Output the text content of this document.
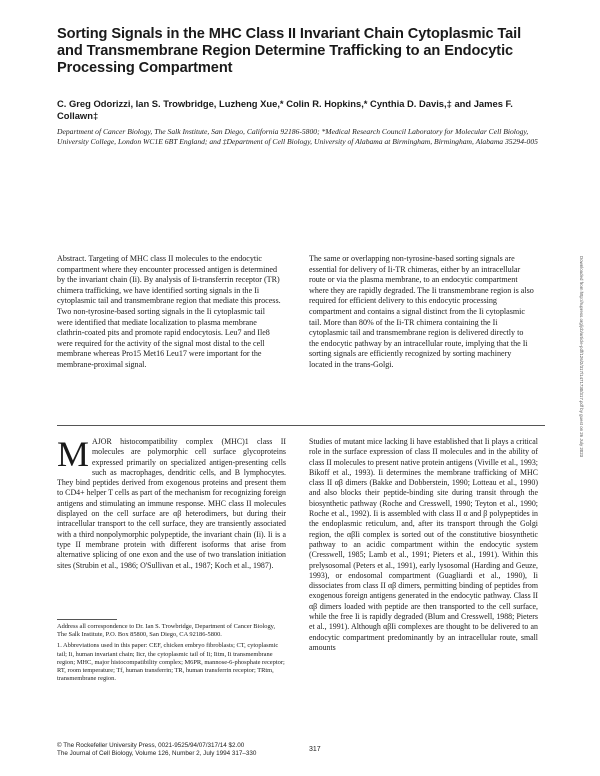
Sorting Signals in the MHC Class II Invariant Chain Cytoplasmic Tail and Transmembrane Region Determine Trafficking to an Endocytic Processing Compartment
C. Greg Odorizzi, Ian S. Trowbridge, Luzheng Xue,* Colin R. Hopkins,* Cynthia D. Davis,‡ and James F. Collawn‡
Department of Cancer Biology, The Salk Institute, San Diego, California 92186-5800; *Medical Research Council Laboratory for Molecular Cell Biology, University College, London WC1E 6BT England; and ‡Department of Cell Biology, University of Alabama at Birmingham, Birmingham, Alabama 35294-005
Abstract. Targeting of MHC class II molecules to the endocytic compartment where they encounter processed antigen is determined by the invariant chain (Ii). By analysis of Ii-transferrin receptor (TR) chimera trafficking, we have identified sorting signals in the Ii cytoplasmic tail and transmembrane region that mediate this process. Two non-tyrosine-based sorting signals in the Ii cytoplasmic tail were identified that mediate localization to plasma membrane clathrin-coated pits and promote rapid endocytosis. Leu7 and Ile8 were required for the activity of the signal most distal to the cell membrane whereas Pro15 Met16 Leu17 were important for the membrane-proximal signal.
The same or overlapping non-tyrosine-based sorting signals are essential for delivery of Ii-TR chimeras, either by an intracellular route or via the plasma membrane, to an endocytic compartment where they are rapidly degraded. The Ii transmembrane region is also required for efficient delivery to this endocytic processing compartment and contains a signal distinct from the Ii cytoplasmic tail. More than 80% of the Ii-TR chimera containing the Ii cytoplasmic tail and transmembrane region is delivered directly to the endocytic pathway by an intracellular route, implying that the Ii sorting signals are efficiently recognized by sorting machinery located in the trans-Golgi.
MAJOR histocompatibility complex (MHC)1 class II molecules are polymorphic cell surface glycoproteins expressed primarily on specialized antigen-presenting cells such as macrophages, dendritic cells, and B lymphocytes. They bind peptides derived from exogenous proteins and present them to CD4+ helper T cells as part of the mechanism for recognizing foreign antigens and stimulating an immune response. MHC class II molecules displayed on the cell surface are αβ heterodimers, but during their intracellular transport to the cell surface, they are transiently associated with a third nonpolymorphic polypeptide, the invariant chain (Ii). Ii is a type II membrane protein with different isoforms that arise from alternative splicing of one exon and the use of two translation initiation sites (Strubin et al., 1986; O'Sullivan et al., 1987; Koch et al., 1987).
Studies of mutant mice lacking Ii have established that Ii plays a critical role in the surface expression of class II molecules and in the ability of class II molecules to present native protein antigens (Viville et al., 1993; Bikoff et al., 1993). Ii determines the membrane trafficking of MHC class II αβ dimers (Bakke and Dobberstein, 1990; Lotteau et al., 1990) and also blocks their peptide-binding site during transit through the biosynthetic pathway (Roche and Cresswell, 1990; Teyton et al., 1990; Roche et al., 1992). Ii is assembled with class II α and β polypeptides in the endoplasmic reticulum, and, after its transport through the Golgi region, the αβIi complex is sorted out of the constitutive biosynthetic pathway to an acidic compartment within the endocytic system (Cresswell, 1985; Lamb et al., 1991; Pieters et al., 1991). Within this prelysosomal (Peters et al., 1991), early lysosomal (Harding and Geuze, 1993), or endosomal compartment (Guagliardi et al., 1990), Ii dissociates from class II αβ dimers, permitting binding of peptides from exogenous foreign antigens generated in the endocytic pathway. Class II αβ dimers loaded with peptide are then transported to the cell surface, while the free Ii is rapidly degraded (Blum and Cresswell, 1988; Pieters et al., 1991). Although αβIi complexes are thought to be delivered to an endocytic compartment predominantly by an intracellular route, small amounts

Address all correspondence to Dr. Ian S. Trowbridge, Department of Cancer Biology, The Salk Institute, P.O. Box 85800, San Diego, CA 92186-5800.

1. Abbreviations used in this paper: CEF, chicken embryo fibroblasts; CT, cytoplasmic tail; Ii, human invariant chain; Iicr, the cytoplasmic tail of Ii; Iitm, Ii transmembrane region; MHC, major histocompatibility complex; M6PR, mannose-6-phosphate receptor; RT, room temperature; Tf, human transferrin; TR, human transferrin receptor; TRtm, transmembrane region.

© The Rockefeller University Press, 0021-9525/94/07/317/14 $2.00
The Journal of Cell Biology, Volume 126, Number 2, July 1994 317–330
317
Downloaded from http://rupress.org/jcb/article-pdf/126/2/317/1471730/317.pdf by guest on 26 July 2023
